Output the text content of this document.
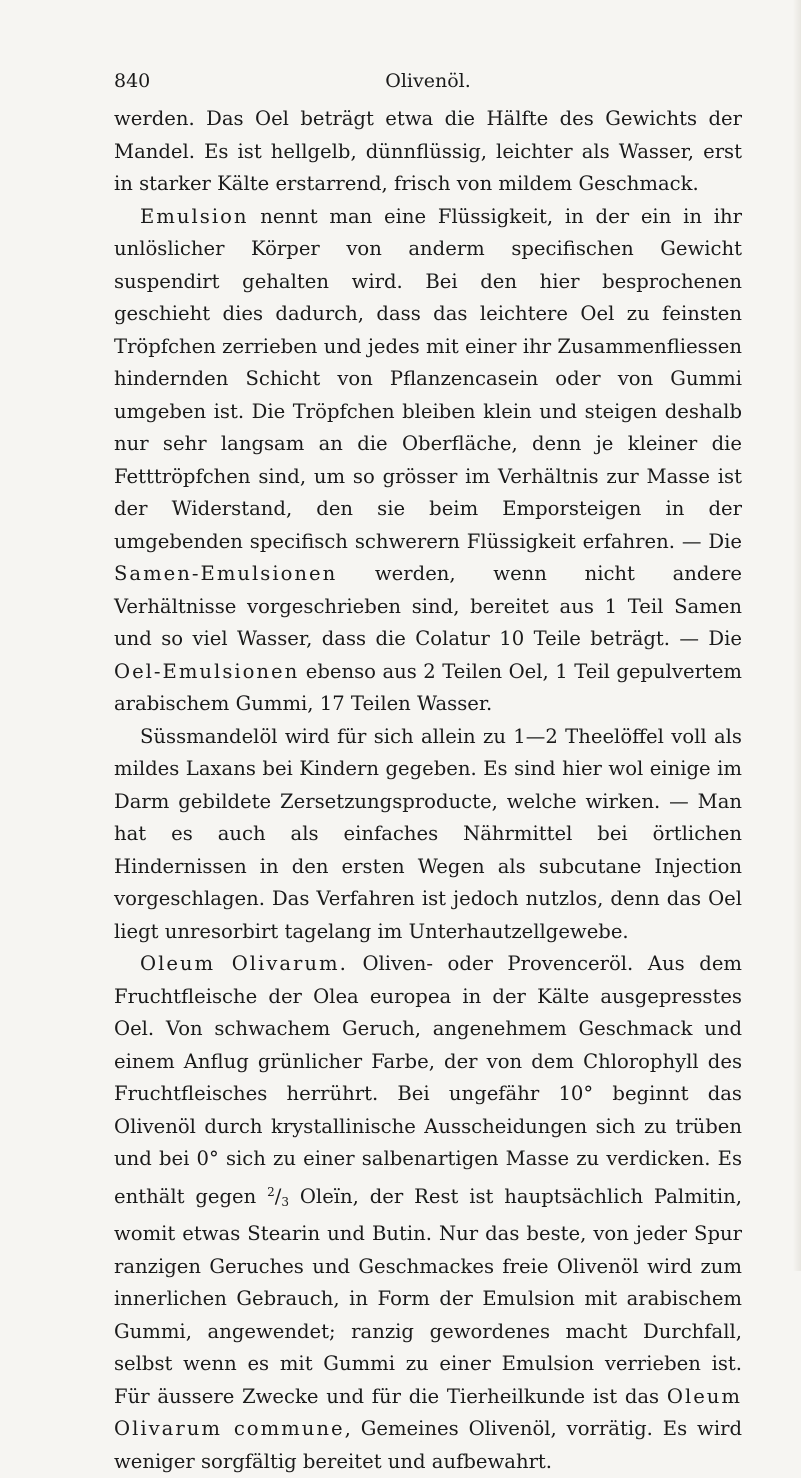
840	Olivenöl.

werden. Das Oel beträgt etwa die Hälfte des Gewichts der Mandel. Es ist hellgelb, dünnflüssig, leichter als Wasser, erst in starker Kälte erstarrend, frisch von mildem Geschmack.

Emulsion nennt man eine Flüssigkeit, in der ein in ihr unlöslicher Körper von anderm specifischen Gewicht suspendirt gehalten wird. Bei den hier besprochenen geschieht dies dadurch, dass das leichtere Oel zu feinsten Tröpfchen zerrieben und jedes mit einer ihr Zusammenfliessen hindernden Schicht von Pflanzencasein oder von Gummi umgeben ist. Die Tröpfchen bleiben klein und steigen deshalb nur sehr langsam an die Oberfläche, denn je kleiner die Fetttröpfchen sind, um so grösser im Verhältnis zur Masse ist der Widerstand, den sie beim Emporsteigen in der umgebenden specifisch schwerern Flüssigkeit erfahren. — Die Samen-Emulsionen werden, wenn nicht andere Verhältnisse vorgeschrieben sind, bereitet aus 1 Teil Samen und so viel Wasser, dass die Colatur 10 Teile beträgt. — Die Oel-Emulsionen ebenso aus 2 Teilen Oel, 1 Teil gepulvertem arabischem Gummi, 17 Teilen Wasser.

Süssmandelöl wird für sich allein zu 1—2 Theelöffel voll als mildes Laxans bei Kindern gegeben. Es sind hier wol einige im Darm gebildete Zersetzungsproducte, welche wirken. — Man hat es auch als einfaches Nährmittel bei örtlichen Hindernissen in den ersten Wegen als subcutane Injection vorgeschlagen. Das Verfahren ist jedoch nutzlos, denn das Oel liegt unresorbirt tagelang im Unterhautzellgewebe.

Oleum Olivarum. Oliven- oder Provenceröl. Aus dem Fruchtfleische der Olea europea in der Kälte ausgepresstes Oel. Von schwachem Geruch, angenehmem Geschmack und einem Anflug grünlicher Farbe, der von dem Chlorophyll des Fruchtfleisches herrührt. Bei ungefähr 10° beginnt das Olivenöl durch krystallinische Ausscheidungen sich zu trüben und bei 0° sich zu einer salbenartigen Masse zu verdicken. Es enthält gegen $^2/_3$ Oleïn, der Rest ist hauptsächlich Palmitin, womit etwas Stearin und Butin. Nur das beste, von jeder Spur ranzigen Geruches und Geschmackes freie Olivenöl wird zum innerlichen Gebrauch, in Form der Emulsion mit arabischem Gummi, angewendet; ranzig gewordenes macht Durchfall, selbst wenn es mit Gummi zu einer Emulsion verrieben ist. Für äussere Zwecke und für die Tierheilkunde ist das Oleum Olivarum commune, Gemeines Olivenöl, vorrätig. Es wird weniger sorgfältig bereitet und aufbewahrt.
